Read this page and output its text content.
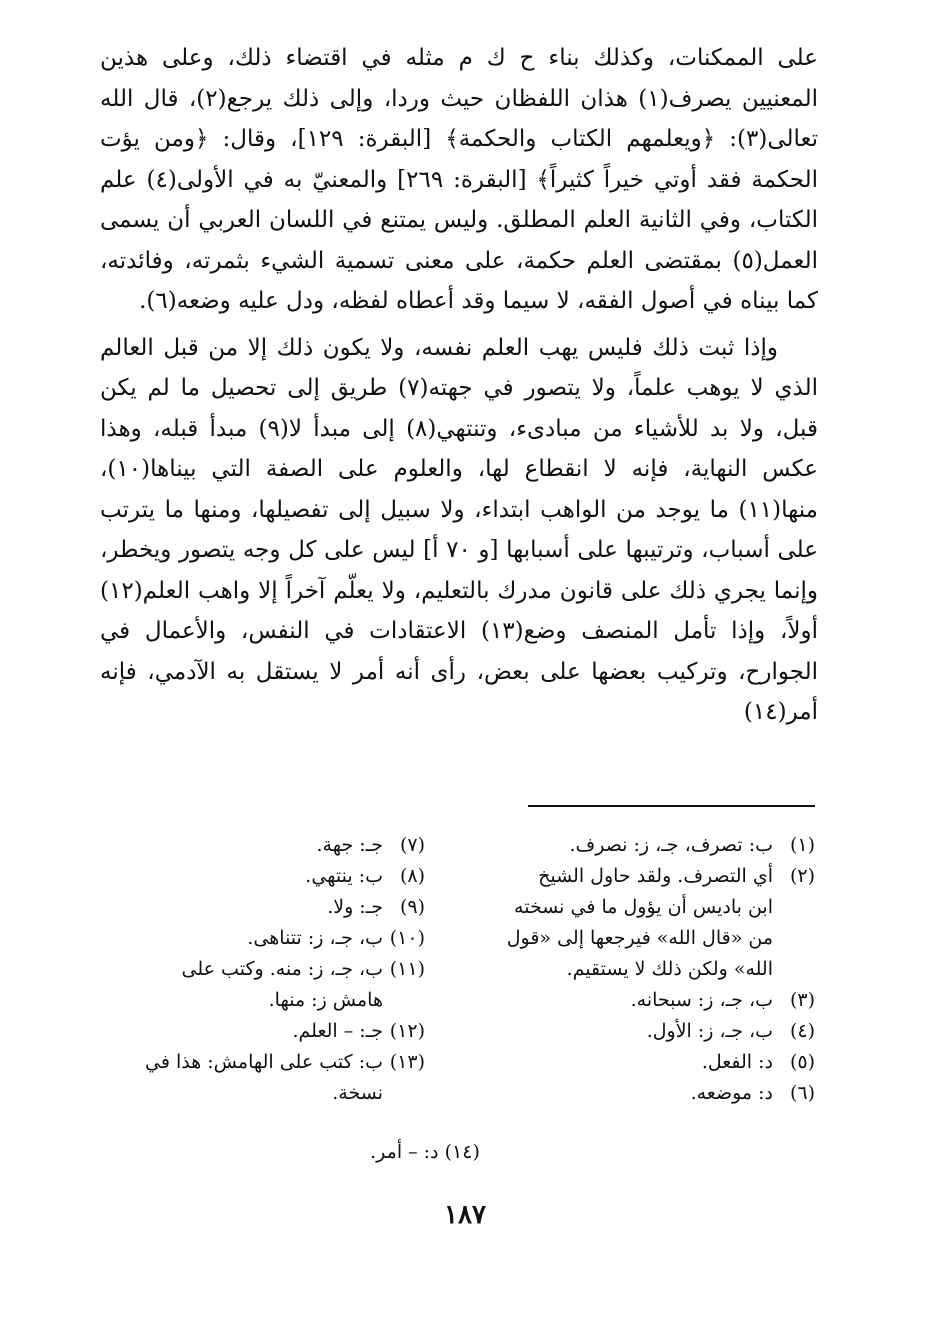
على الممكنات، وكذلك بناء ح ك م مثله في اقتضاء ذلك، وعلى هذين المعنيين يصرف(١) هذان اللفظان حيث وردا، وإلى ذلك يرجع(٢)، قال الله تعالى(٣): ﴿ويعلمهم الكتاب والحكمة﴾ [البقرة: ١٢٩]، وقال: ﴿ومن يؤت الحكمة فقد أوتي خيراً كثيراً﴾ [البقرة: ٢٦٩] والمعنيّ به في الأولى(٤) علم الكتاب، وفي الثانية العلم المطلق. وليس يمتنع في اللسان العربي أن يسمى العمل(٥) بمقتضى العلم حكمة، على معنى تسمية الشيء بثمرته، وفائدته، كما بيناه في أصول الفقه، لا سيما وقد أعطاه لفظه، ودل عليه وضعه(٦).

وإذا ثبت ذلك فليس يهب العلم نفسه، ولا يكون ذلك إلا من قبل العالم الذي لا يوهب علماً، ولا يتصور في جهته(٧) طريق إلى تحصيل ما لم يكن قبل، ولا بد للأشياء من مبادىء، وتنتهي(٨) إلى مبدأ لا(٩) مبدأ قبله، وهذا عكس النهاية، فإنه لا انقطاع لها، والعلوم على الصفة التي بيناها(١٠)، منها(١١) ما يوجد من الواهب ابتداء، ولا سبيل إلى تفصيلها، ومنها ما يترتب على أسباب، وترتيبها على أسبابها [و ٧٠ أ] ليس على كل وجه يتصور ويخطر، وإنما يجري ذلك على قانون مدرك بالتعليم، ولا يعلّم آخراً إلا واهب العلم(١٢) أولاً، وإذا تأمل المنصف وضع(١٣) الاعتقادات في النفس، والأعمال في الجوارح، وتركيب بعضها على بعض، رأى أنه أمر لا يستقل به الآدمي، فإنه أمر(١٤)

(١)ب: تصرف، جـ، ز: نصرف.
(٢)أي التصرف. ولقد حاول الشيخ
ابن باديس أن يؤول ما في نسخته من «قال الله» فيرجعها إلى «قول الله» ولكن ذلك لا يستقيم.
(٣)ب، جـ، ز: سبحانه.
(٤)ب، جـ، ز: الأول.
(٥)د: الفعل.
(٦)د: موضعه.
(٧)جـ: جهة.
(٨)ب: ينتهي.
(٩)جـ: ولا.
(١٠)ب، جـ، ز: تتناهى.
(١١)ب، جـ، ز: منه. وكتب على
هامش ز: منها.
(١٢)جـ: – العلم.
(١٣)ب: كتب على الهامش: هذا في
نسخة.
(١٤) د: – أمر.
١٨٧
